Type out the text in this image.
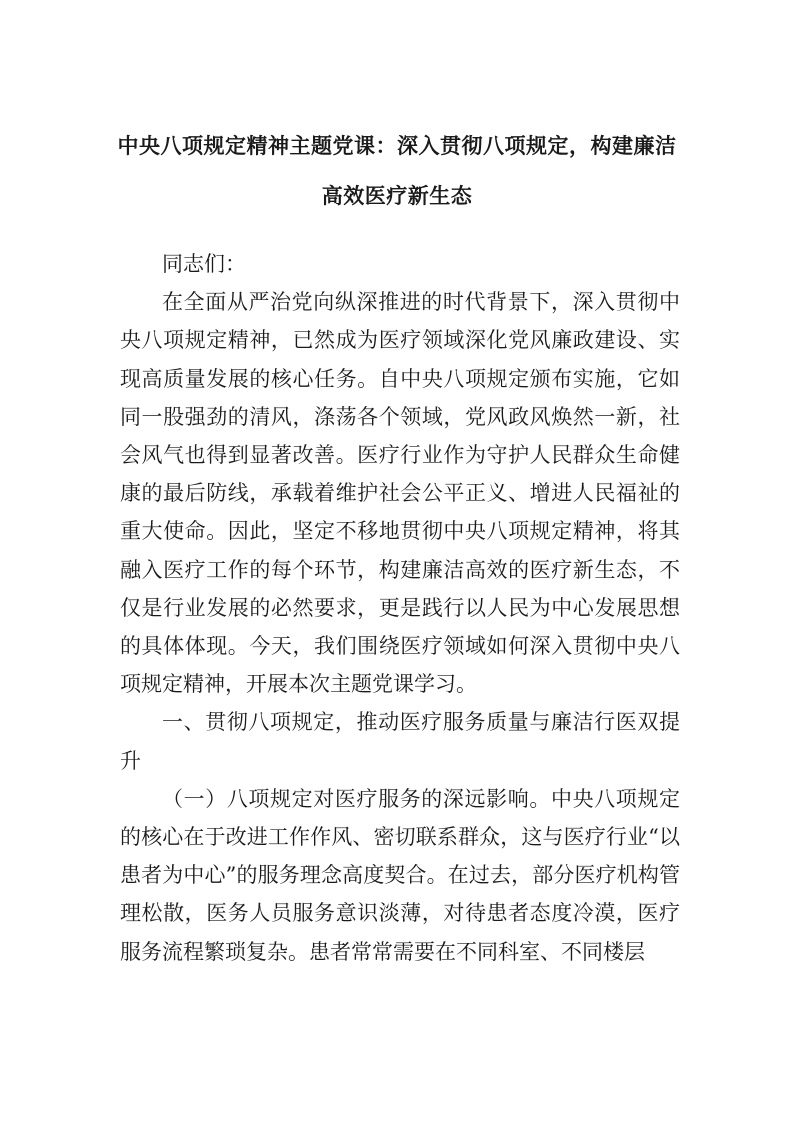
中央八项规定精神主题党课：深入贯彻八项规定，构建廉洁
高效医疗新生态

同志们：

在全面从严治党向纵深推进的时代背景下，深入贯彻中央八项规定精神，已然成为医疗领域深化党风廉政建设、实现高质量发展的核心任务。自中央八项规定颁布实施，它如同一股强劲的清风，涤荡各个领域，党风政风焕然一新，社会风气也得到显著改善。医疗行业作为守护人民群众生命健康的最后防线，承载着维护社会公平正义、增进人民福祉的重大使命。因此，坚定不移地贯彻中央八项规定精神，将其融入医疗工作的每个环节，构建廉洁高效的医疗新生态，不仅是行业发展的必然要求，更是践行以人民为中心发展思想的具体体现。今天，我们围绕医疗领域如何深入贯彻中央八项规定精神，开展本次主题党课学习。

一、贯彻八项规定，推动医疗服务质量与廉洁行医双提升

（一）八项规定对医疗服务的深远影响。中央八项规定的核心在于改进工作作风、密切联系群众，这与医疗行业“以患者为中心”的服务理念高度契合。在过去，部分医疗机构管理松散，医务人员服务意识淡薄，对待患者态度冷漠，医疗服务流程繁琐复杂。患者常常需要在不同科室、不同楼层
